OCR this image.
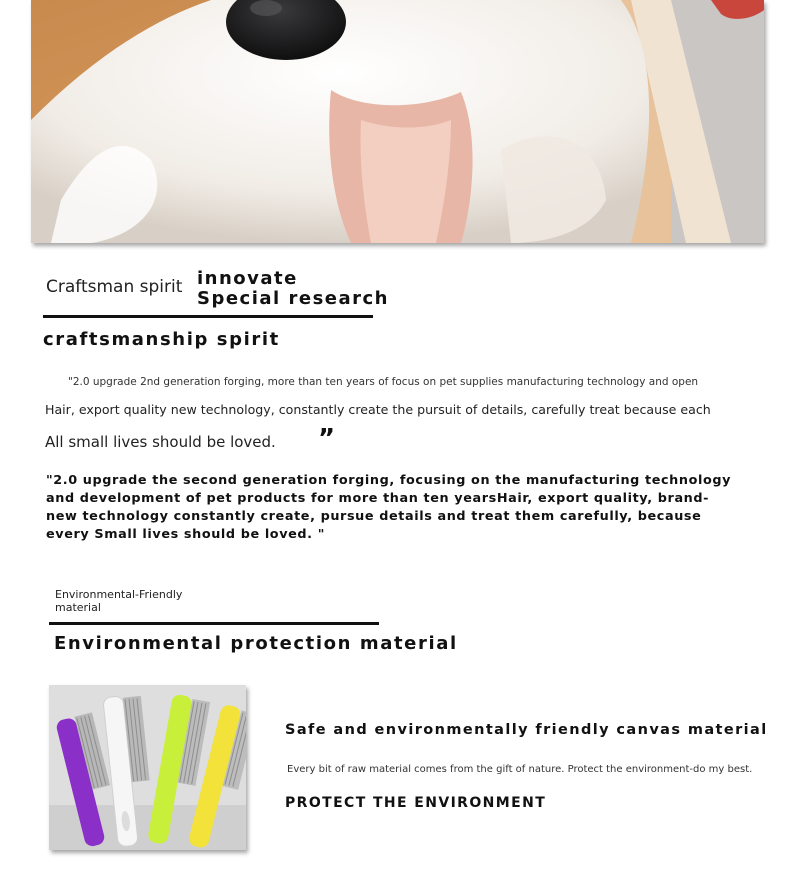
Craftsman spirit innovate
Special research
craftsmanship spirit
"2.0 upgrade 2nd generation forging, more than ten years of focus on pet supplies manufacturing technology and open
Hair, export quality new technology, constantly create the pursuit of details, carefully treat because each
All small lives should be loved. ”
"2.0 upgrade the second generation forging, focusing on the manufacturing technology and development of pet products for more than ten yearsHair, export quality, brand-new technology constantly create, pursue details and treat them carefully, because every Small lives should be loved. "
Environmental-Friendly material
Environmental protection material
Safe and environmentally friendly canvas material
Every bit of raw material comes from the gift of nature. Protect the environment-do my best.
PROTECT THE ENVIRONMENT
